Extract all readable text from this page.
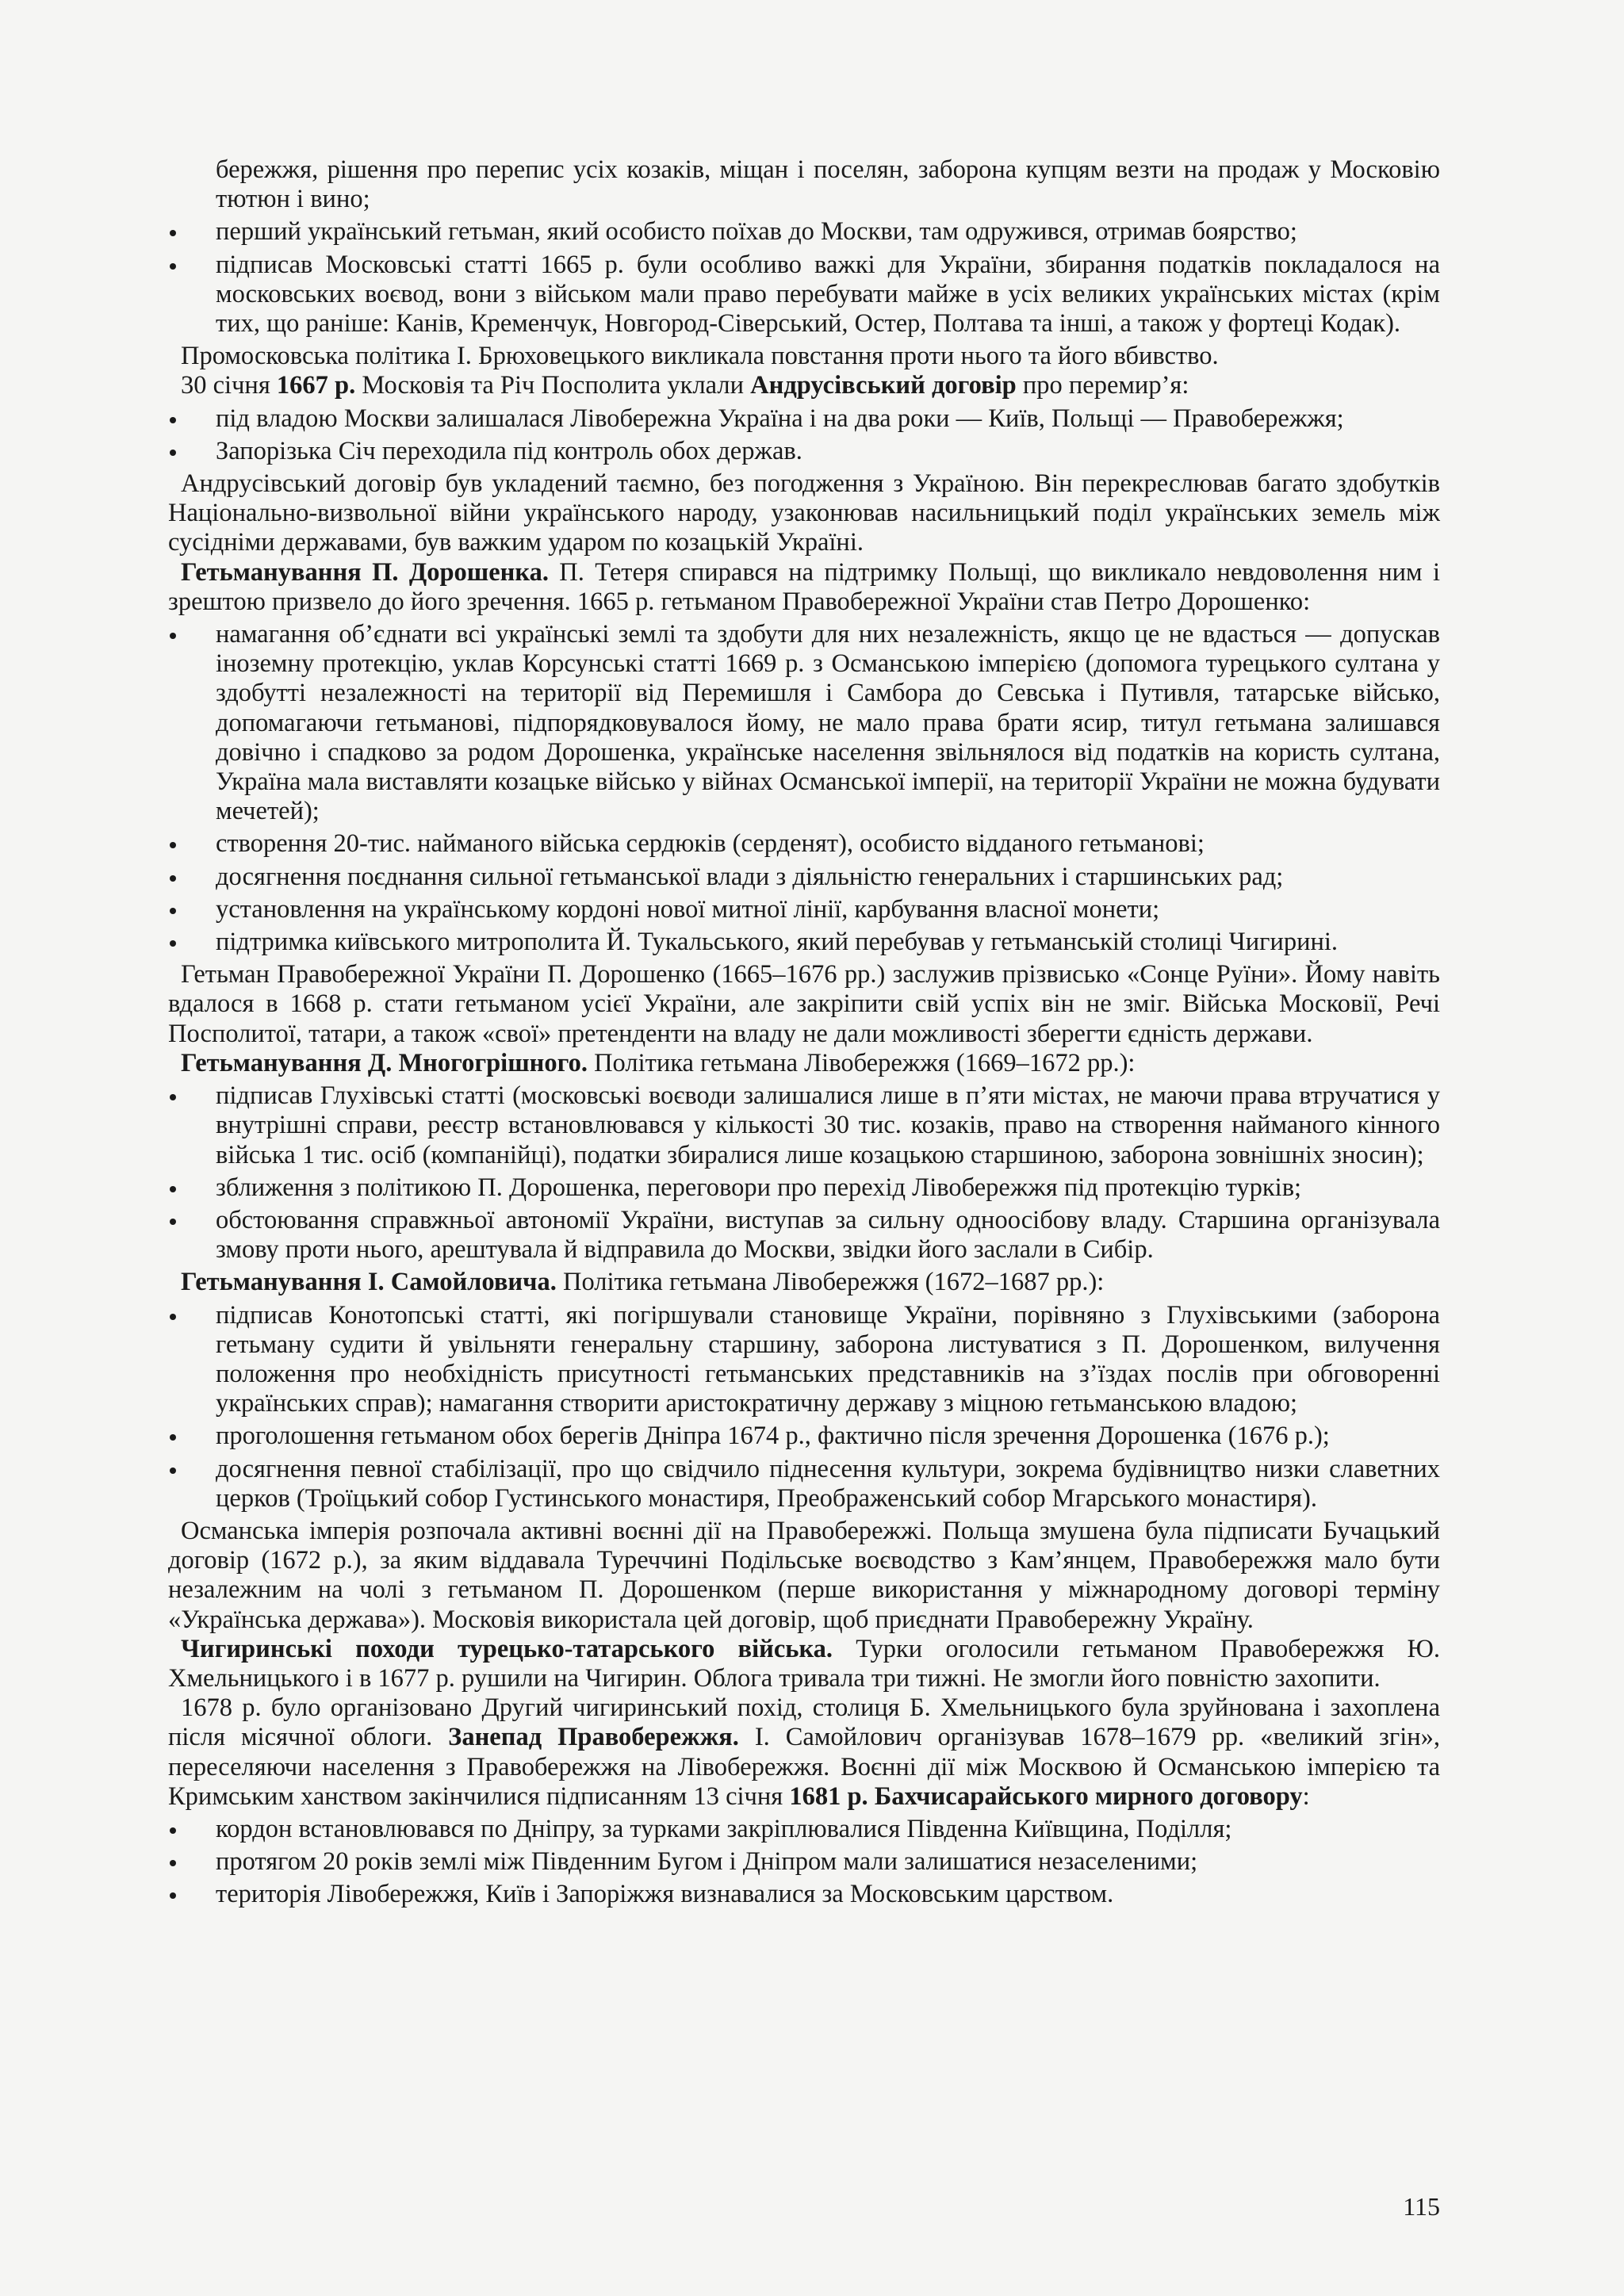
бережжя, рішення про перепис усіх козаків, міщан і поселян, заборона купцям везти на продаж у Московію тютюн і вино;

перший український гетьман, який особисто поїхав до Москви, там одружився, отримав боярство;
підписав Московські статті 1665 р. були особливо важкі для України, збирання податків покладалося на московських воєвод, вони з військом мали право перебувати майже в усіх великих українських містах (крім тих, що раніше: Канів, Кременчук, Новгород-Сіверський, Остер, Полтава та інші, а також у фортеці Кодак).

Промосковська політика І. Брюховецького викликала повстання проти нього та його вбивство.

30 січня 1667 р. Московія та Річ Посполита уклали Андрусівський договір про перемир’я:

під владою Москви залишалася Лівобережна Україна і на два роки — Київ, Польщі — Правобережжя;
Запорізька Січ переходила під контроль обох держав.

Андрусівський договір був укладений таємно, без погодження з Україною. Він перекреслював багато здобутків Національно-визвольної війни українського народу, узаконював насильницький поділ українських земель між сусідніми державами, був важким ударом по козацькій Україні.

Гетьманування П. Дорошенка. П. Тетеря спирався на підтримку Польщі, що викликало невдоволення ним і зрештою призвело до його зречення. 1665 р. гетьманом Правобережної України став Петро Дорошенко:

намагання об’єднати всі українські землі та здобути для них незалежність, якщо це не вдасться — допускав іноземну протекцію, уклав Корсунські статті 1669 р. з Османською імперією (допомога турецького султана у здобутті незалежності на території від Перемишля і Самбора до Севська і Путивля, татарське військо, допомагаючи гетьманові, підпорядковувалося йому, не мало права брати ясир, титул гетьмана залишався довічно і спадково за родом Дорошенка, українське населення звільнялося від податків на користь султана, Україна мала виставляти козацьке військо у війнах Османської імперії, на території України не можна будувати мечетей);
створення 20-тис. найманого війська сердюків (серденят), особисто відданого гетьманові;
досягнення поєднання сильної гетьманської влади з діяльністю генеральних і старшинських рад;
установлення на українському кордоні нової митної лінії, карбування власної монети;
підтримка київського митрополита Й. Тукальського, який перебував у гетьманській столиці Чигирині.

Гетьман Правобережної України П. Дорошенко (1665–1676 рр.) заслужив прізвисько «Сонце Руїни». Йому навіть вдалося в 1668 р. стати гетьманом усієї України, але закріпити свій успіх він не зміг. Війська Московії, Речі Посполитої, татари, а також «свої» претенденти на владу не дали можливості зберегти єдність держави.

Гетьманування Д. Многогрішного. Політика гетьмана Лівобережжя (1669–1672 рр.):

підписав Глухівські статті (московські воєводи залишалися лише в п’яти містах, не маючи права втручатися у внутрішні справи, реєстр встановлювався у кількості 30 тис. козаків, право на створення найманого кінного війська 1 тис. осіб (компанійці), податки збиралися лише козацькою старшиною, заборона зовнішніх зносин);
зближення з політикою П. Дорошенка, переговори про перехід Лівобережжя під протекцію турків;
обстоювання справжньої автономії України, виступав за сильну одноосібову владу. Старшина організувала змову проти нього, арештувала й відправила до Москви, звідки його заслали в Сибір.

Гетьманування І. Самойловича. Політика гетьмана Лівобережжя (1672–1687 рр.):

підписав Конотопські статті, які погіршували становище України, порівняно з Глухівськими (заборона гетьману судити й увільняти генеральну старшину, заборона листуватися з П. Дорошенком, вилучення положення про необхідність присутності гетьманських представників на з’їздах послів при обговоренні українських справ); намагання створити аристократичну державу з міцною гетьманською владою;
проголошення гетьманом обох берегів Дніпра 1674 р., фактично після зречення Дорошенка (1676 р.);
досягнення певної стабілізації, про що свідчило піднесення культури, зокрема будівництво низки славетних церков (Троїцький собор Густинського монастиря, Преображенський собор Мгарського монастиря).

Османська імперія розпочала активні воєнні дії на Правобережжі. Польща змушена була підписати Бучацький договір (1672 р.), за яким віддавала Туреччині Подільське воєводство з Кам’янцем, Правобережжя мало бути незалежним на чолі з гетьманом П. Дорошенком (перше використання у міжнародному договорі терміну «Українська держава»). Московія використала цей договір, щоб приєднати Правобережну Україну.

Чигиринські походи турецько-татарського війська. Турки оголосили гетьманом Правобережжя Ю. Хмельницького і в 1677 р. рушили на Чигирин. Облога тривала три тижні. Не змогли його повністю захопити.

1678 р. було організовано Другий чигиринський похід, столиця Б. Хмельницького була зруйнована і захоплена після місячної облоги. Занепад Правобережжя. І. Самойлович організував 1678–1679 рр. «великий згін», переселяючи населення з Правобережжя на Лівобережжя. Воєнні дії між Москвою й Османською імперією та Кримським ханством закінчилися підписанням 13 січня 1681 р. Бахчисарайського мирного договору:

кордон встановлювався по Дніпру, за турками закріплювалися Південна Київщина, Поділля;
протягом 20 років землі між Південним Бугом і Дніпром мали залишатися незаселеними;
територія Лівобережжя, Київ і Запоріжжя визнавалися за Московським царством.
115
